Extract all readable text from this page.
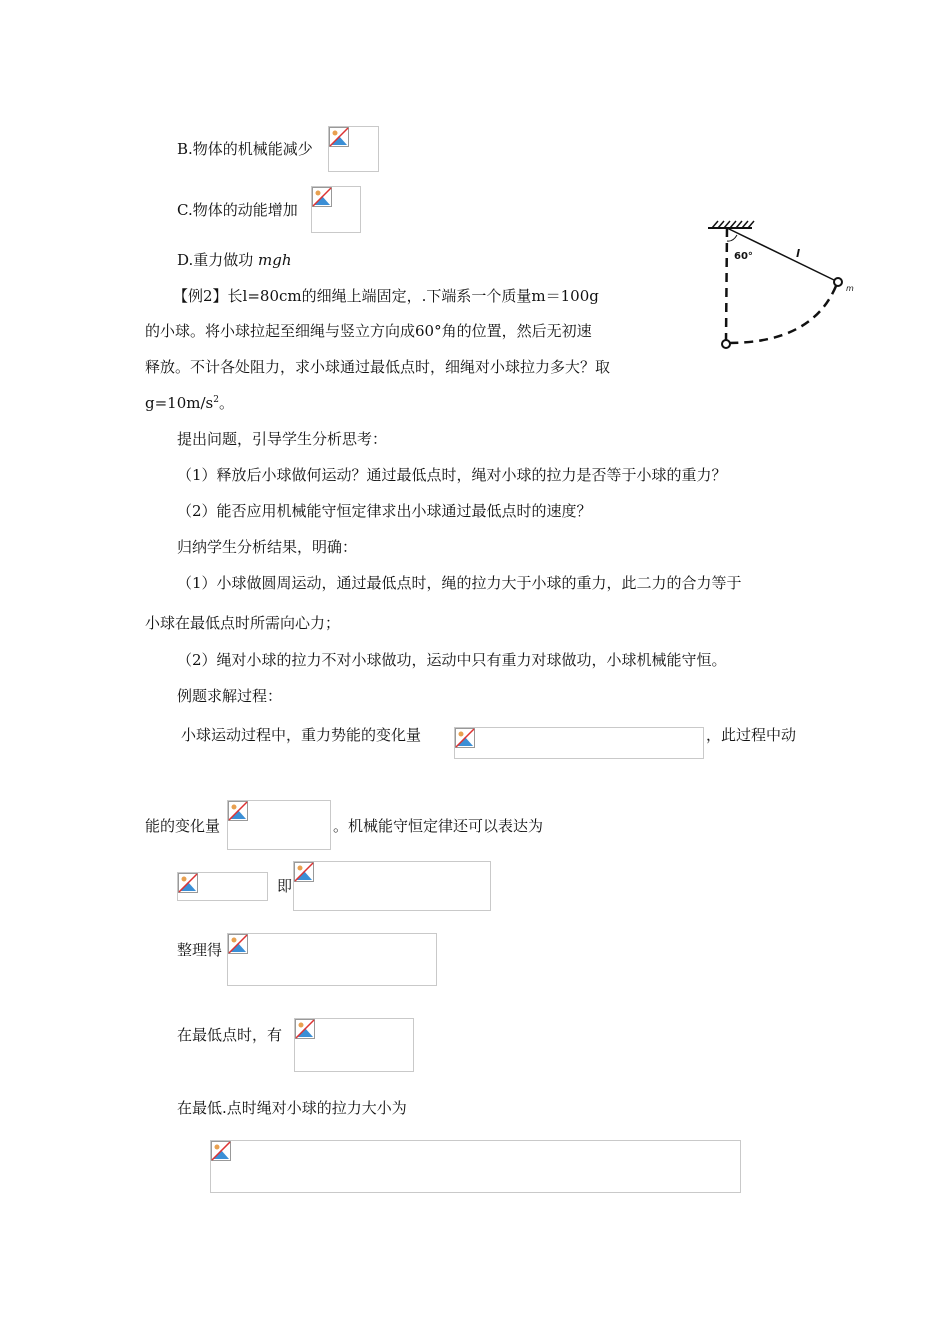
B.物体的机械能减少
C.物体的动能增加
D.重力做功 mgh
【例2】长l=80cm的细绳上端固定，.下端系一个质量m＝100g
的小球。将小球拉起至细绳与竖立方向成60°角的位置，然后无初速
释放。不计各处阻力，求小球通过最低点时，细绳对小球拉力多大？取
$g=10m/s^2$。
60°	l
m
提出问题，引导学生分析思考：
（1）释放后小球做何运动？通过最低点时，绳对小球的拉力是否等于小球的重力？
（2）能否应用机械能守恒定律求出小球通过最低点时的速度？
归纳学生分析结果，明确：
（1）小球做圆周运动，通过最低点时，绳的拉力大于小球的重力，此二力的合力等于
小球在最低点时所需向心力；
（2）绳对小球的拉力不对小球做功，运动中只有重力对球做功，小球机械能守恒。
例题求解过程：
小球运动过程中，重力势能的变化量	，此过程中动
能的变化量	。机械能守恒定律还可以表达为
即
整理得
在最低点时，有
在最低.点时绳对小球的拉力大小为
